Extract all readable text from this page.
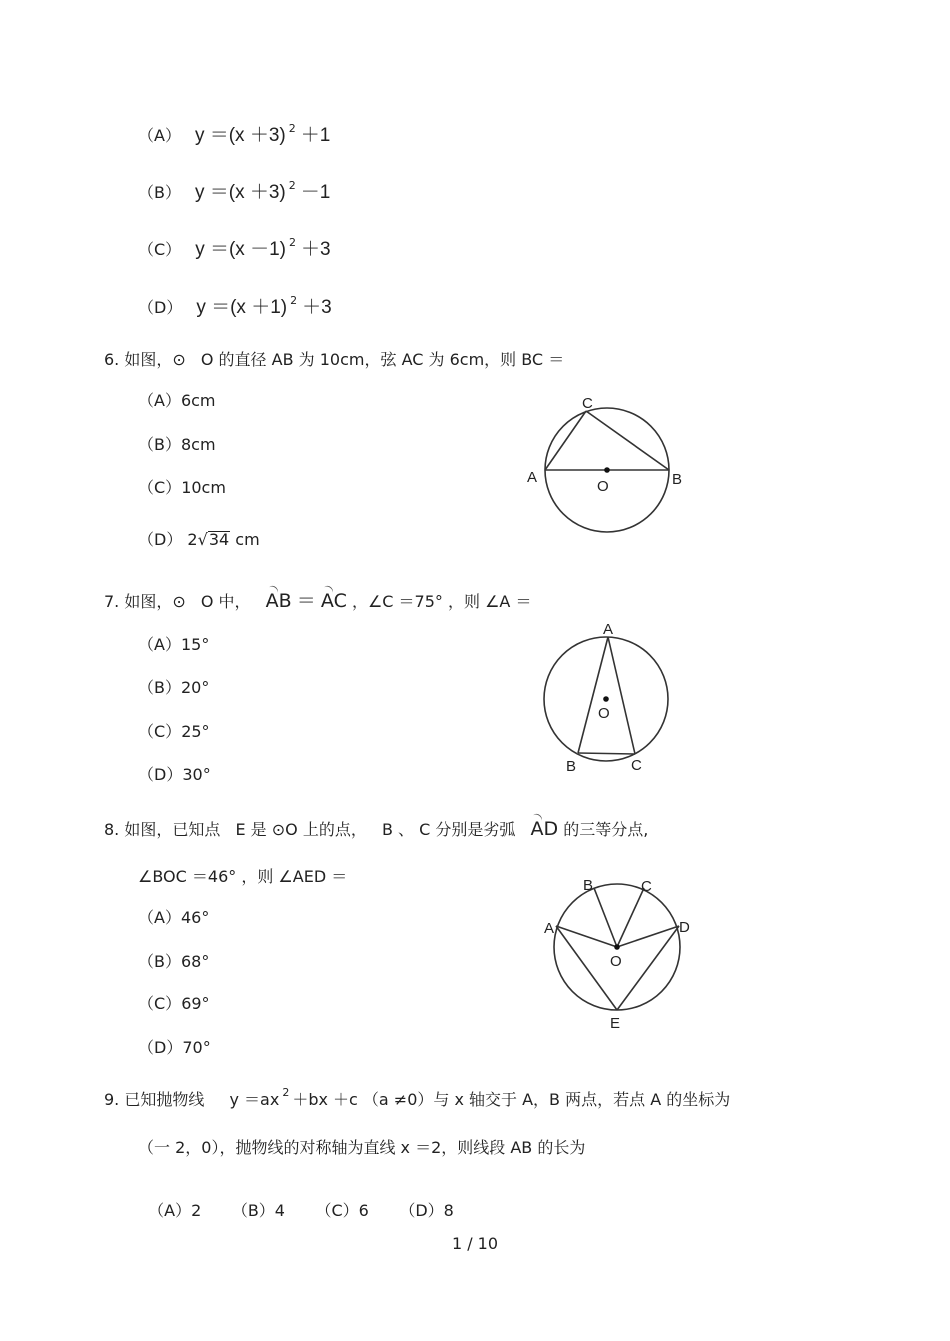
（A） y ＝(x ＋3) $^2$ ＋1
（B） y ＝(x ＋3) $^2$ －1
（C） y ＝(x －1) $^2$ ＋3
（D） y ＝(x ＋1) $^2$ ＋3
6. 如图，⊙ O 的直径 AB 为 10cm，弦 AC 为 6cm，则 BC ＝
（A）6cm
（B）8cm
（C）10cm
（D） 2√34 cm
C
A	B
O
7. 如图，⊙ O 中， AB ＝ AC ，∠C ＝75° ，则 ∠A ＝
（A）15°
（B）20°
（C）25°
（D）30°
A
O
B	C
8. 如图，已知点 E 是 ⊙O 上的点， B 、 C 分别是劣弧 AD 的三等分点,
∠BOC ＝46° ，则 ∠AED ＝
（A）46°
（B）68°
（C）69°
（D）70°
B	C
A	D
O
E
9. 已知抛物线 y ＝ax $^2$ ＋bx ＋c （a ≠0）与 x 轴交于 A，B 两点，若点 A 的坐标为
（一 2，0），抛物线的对称轴为直线 x ＝2，则线段 AB 的长为

（A）2      （B）4      （C）6      （D）8

1 / 10
